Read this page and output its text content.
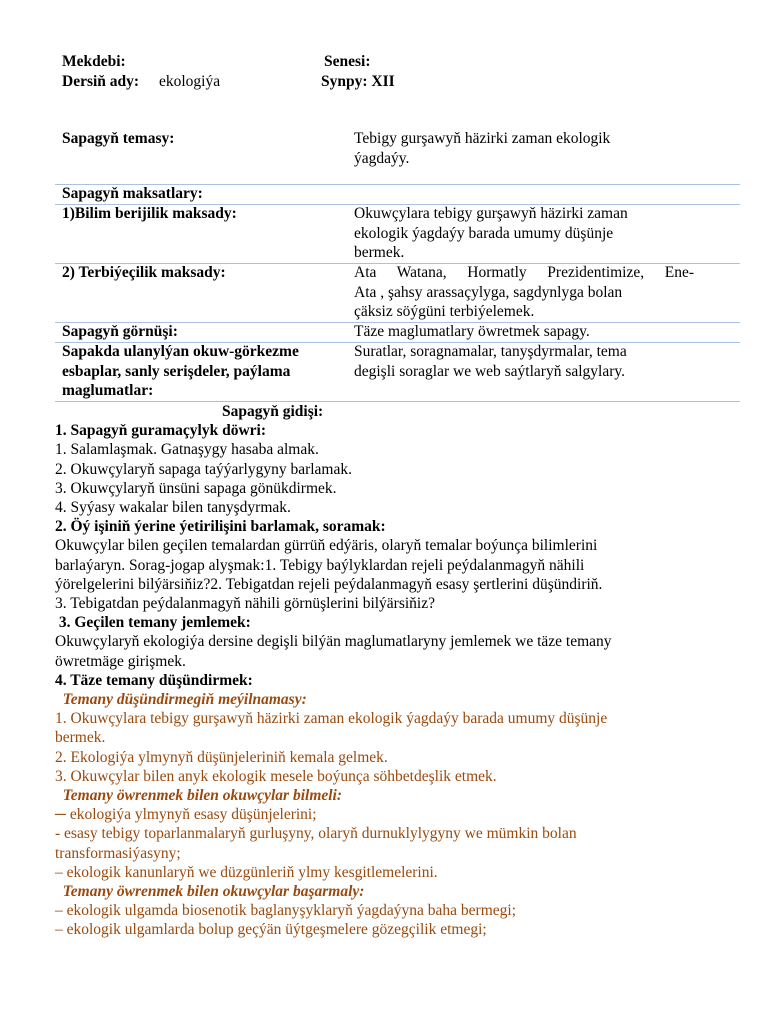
Mekdebi:	Senesi:
Dersiň ady: ekologiýa	Synpy: XII
Sapagyň temasy:	Tebigy gurşawyň häzirki zaman ekologik
ýagdaýy.
Sapagyň maksatlary:
1)Bilim berijilik maksady:	Okuwçylara tebigy gurşawyň häzirki zaman
ekologik ýagdaýy barada umumy düşünje
bermek.
2) Terbiýeçilik maksady:	Ata Watana, Hormatly Prezidentimize, Ene-
Ata , şahsy arassaçylyga, sagdynlyga bolan
çäksiz söýgüni terbiýelemek.
Sapagyň görnüşi:	Täze maglumatlary öwretmek sapagy.
Sapakda ulanylýan okuw-görkezme
esbaplar, sanly serişdeler, paýlama
maglumatlar:
Suratlar, soragnamalar, tanyşdyrmalar, tema
degişli soraglar we web saýtlaryň salgylary.
Sapagyň gidişi:
1. Sapagyň guramaçylyk döwri:
1. Salamlaşmak. Gatnaşygy hasaba almak.
2. Okuwçylaryň sapaga taýýarlygyny barlamak.
3. Okuwçylaryň ünsüni sapaga gönükdirmek.
4. Syýasy wakalar bilen tanyşdyrmak.
2. Öý işiniň ýerine ýetirilişini barlamak, soramak:
Okuwçylar bilen geçilen temalardan gürrüň edýäris, olaryň temalar boýunça bilimlerini
barlaýaryn. Sorag-jogap alyşmak:1. Tebigy baýlyklardan rejeli peýdalanmagyň nähili
ýörelgelerini bilýärsiňiz?2. Tebigatdan rejeli peýdalanmagyň esasy şertlerini düşündiriň.
3. Tebigatdan peýdalanmagyň nähili görnüşlerini bilýärsiňiz?
3. Geçilen temany jemlemek:
Okuwçylaryň ekologiýa dersine degişli bilýän maglumatlaryny jemlemek we täze temany
öwretmäge girişmek.
4. Täze temany düşündirmek:
Temany düşündirmegiň meýilnamasy:
1. Okuwçylara tebigy gurşawyň häzirki zaman ekologik ýagdaýy barada umumy düşünje
bermek.
2. Ekologiýa ylmynyň düşünjeleriniň kemala gelmek.
3. Okuwçylar bilen anyk ekologik mesele boýunça söhbetdeşlik etmek.
Temany öwrenmek bilen okuwçylar bilmeli:
─ ekologiýa ylmynyň esasy düşünjelerini;
- esasy tebigy toparlanmalaryň gurluşyny, olaryň durnuklylygyny we mümkin bolan
transformasiýasyny;
– ekologik kanunlaryň we düzgünleriň ylmy kesgitlemelerini.
Temany öwrenmek bilen okuwçylar başarmaly:
– ekologik ulgamda biosenotik baglanyşyklaryň ýagdaýyna baha bermegi;
– ekologik ulgamlarda bolup geçýän üýtgeşmelere gözegçilik etmegi;
